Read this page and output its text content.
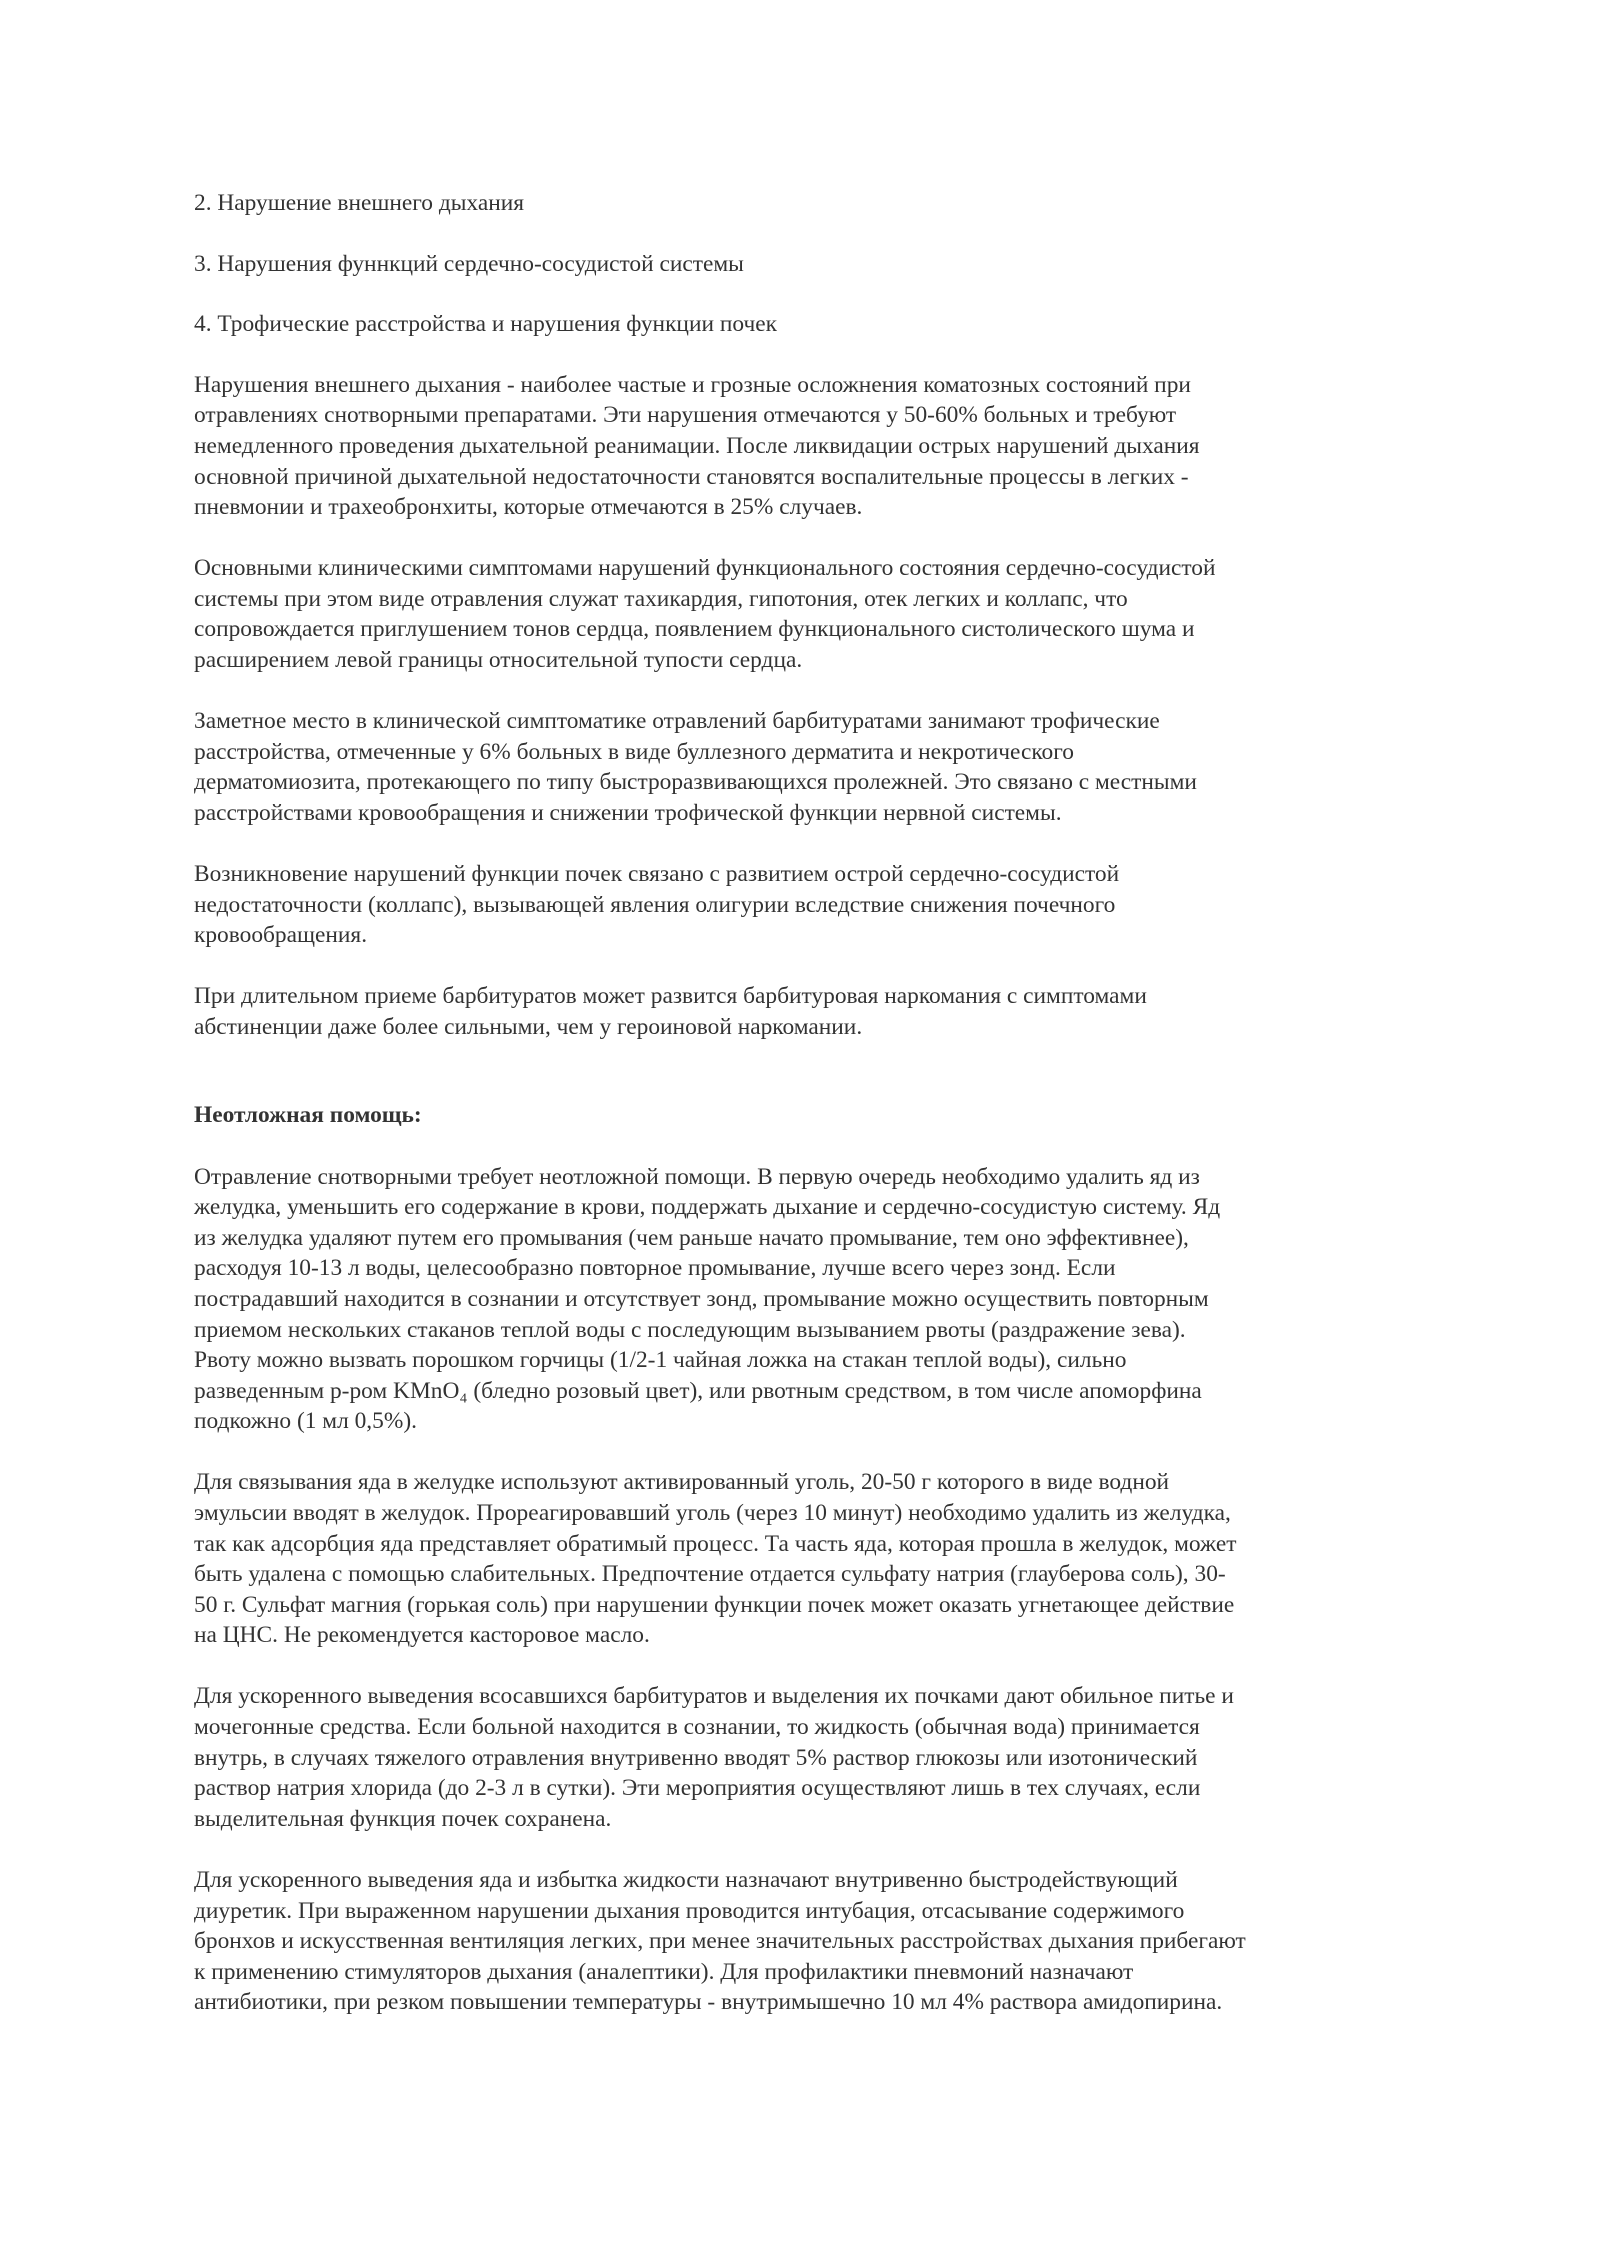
2. Нарушение внешнего дыхания

3. Нарушения фуннкций сердечно-сосудистой системы

4. Трофические расстройства и нарушения функции почек

Нарушения внешнего дыхания - наиболее частые и грозные осложнения коматозных состояний при
отравлениях снотворными препаратами. Эти нарушения отмечаются у 50-60% больных и требуют
немедленного проведения дыхательной реанимации. После ликвидации острых нарушений дыхания
основной причиной дыхательной недостаточности становятся воспалительные процессы в легких -
пневмонии и трахеобронхиты, которые отмечаются в 25% случаев.

Основными клиническими симптомами нарушений функционального состояния сердечно-сосудистой
системы при этом виде отравления служат тахикардия, гипотония, отек легких и коллапс, что
сопровождается приглушением тонов сердца, появлением функционального систолического шума и
расширением левой границы относительной тупости сердца.

Заметное место в клинической симптоматике отравлений барбитуратами занимают трофические
расстройства, отмеченные у 6% больных в виде буллезного дерматита и некротического
дерматомиозита, протекающего по типу быстроразвивающихся пролежней. Это связано с местными
расстройствами кровообращения и снижении трофической функции нервной системы.

Возникновение нарушений функции почек связано с развитием острой сердечно-сосудистой
недостаточности (коллапс), вызывающей явления олигурии вследствие снижения почечного
кровообращения.

При длительном приеме барбитуратов может развится барбитуровая наркомания с симптомами
абстиненции даже более сильными, чем у героиновой наркомании.

Неотложная помощь:

Отравление снотворными требует неотложной помощи. В первую очередь необходимо удалить яд из
желудка, уменьшить его содержание в крови, поддержать дыхание и сердечно-сосудистую систему. Яд
из желудка удаляют путем его промывания (чем раньше начато промывание, тем оно эффективнее),
расходуя 10-13 л воды, целесообразно повторное промывание, лучше всего через зонд. Если
пострадавший находится в сознании и отсутствует зонд, промывание можно осуществить повторным
приемом нескольких стаканов теплой воды с последующим вызыванием рвоты (раздражение зева).
Рвоту можно вызвать порошком горчицы (1/2-1 чайная ложка на стакан теплой воды), сильно
разведенным р-ром KMnO₄ (бледно розовый цвет), или рвотным средством, в том числе апоморфина
подкожно (1 мл 0,5%).

Для связывания яда в желудке используют активированный уголь, 20-50 г которого в виде водной
эмульсии вводят в желудок. Прореагировавший уголь (через 10 минут) необходимо удалить из желудка,
так как адсорбция яда представляет обратимый процесс. Та часть яда, которая прошла в желудок, может
быть удалена с помощью слабительных. Предпочтение отдается сульфату натрия (глауберова соль), 30-
50 г. Сульфат магния (горькая соль) при нарушении функции почек может оказать угнетающее действие
на ЦНС. Не рекомендуется касторовое масло.

Для ускоренного выведения всосавшихся барбитуратов и выделения их почками дают обильное питье и
мочегонные средства. Если больной находится в сознании, то жидкость (обычная вода) принимается
внутрь, в случаях тяжелого отравления внутривенно вводят 5% раствор глюкозы или изотонический
раствор натрия хлорида (до 2-3 л в сутки). Эти мероприятия осуществляют лишь в тех случаях, если
выделительная функция почек сохранена.

Для ускоренного выведения яда и избытка жидкости назначают внутривенно быстродействующий
диуретик. При выраженном нарушении дыхания проводится интубация, отсасывание содержимого
бронхов и искусственная вентиляция легких, при менее значительных расстройствах дыхания прибегают
к применению стимуляторов дыхания (аналептики). Для профилактики пневмоний назначают
антибиотики, при резком повышении температуры - внутримышечно 10 мл 4% раствора амидопирина.
